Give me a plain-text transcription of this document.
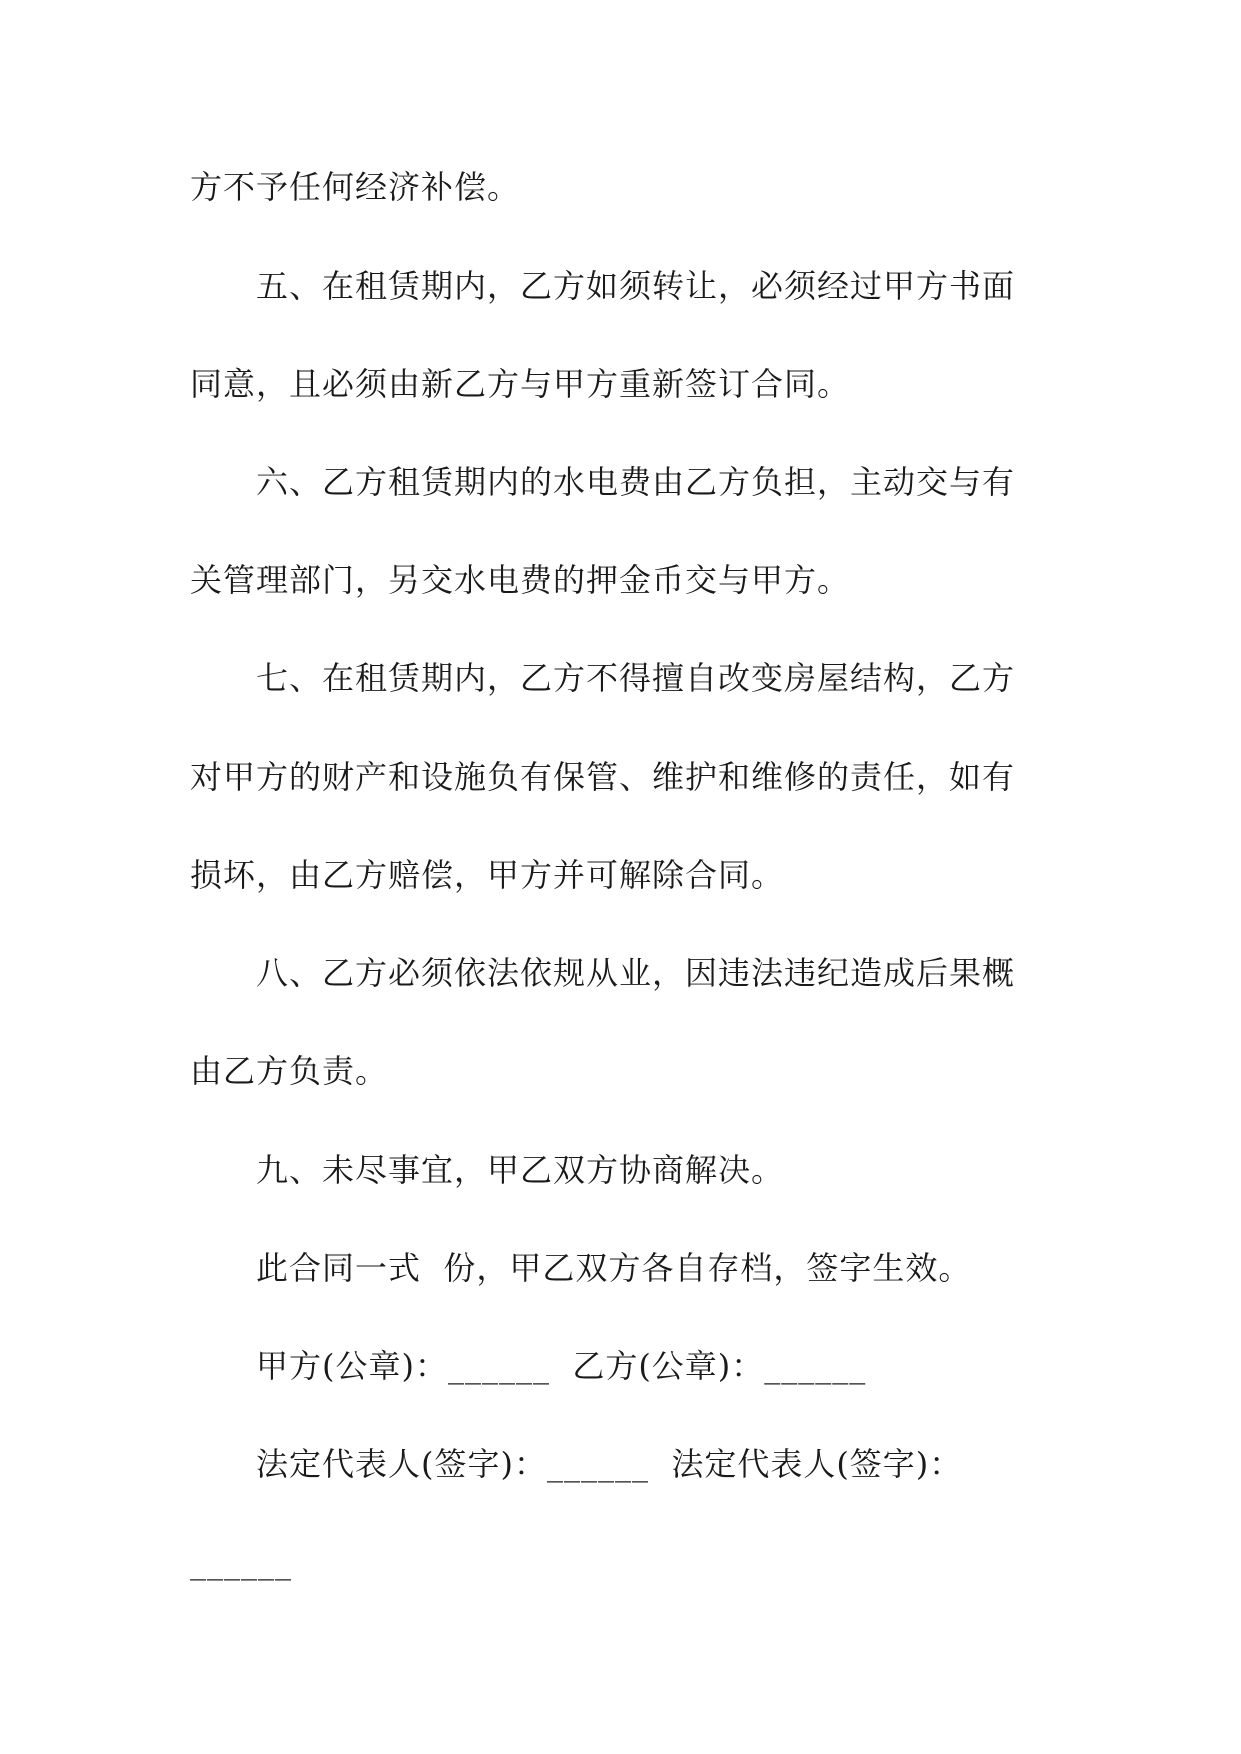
方不予任何经济补偿。
五、在租赁期内，乙方如须转让，必须经过甲方书面
同意，且必须由新乙方与甲方重新签订合同。
六、乙方租赁期内的水电费由乙方负担，主动交与有
关管理部门，另交水电费的押金币交与甲方。
七、在租赁期内，乙方不得擅自改变房屋结构，乙方
对甲方的财产和设施负有保管、维护和维修的责任，如有
损坏，由乙方赔偿，甲方并可解除合同。
八、乙方必须依法依规从业，因违法违纪造成后果概
由乙方负责。
九、未尽事宜，甲乙双方协商解决。
此合同一式  份，甲乙双方各自存档，签字生效。
甲方(公章)：______  乙方(公章)：______
法定代表人(签字)：______  法定代表人(签字)：
______
